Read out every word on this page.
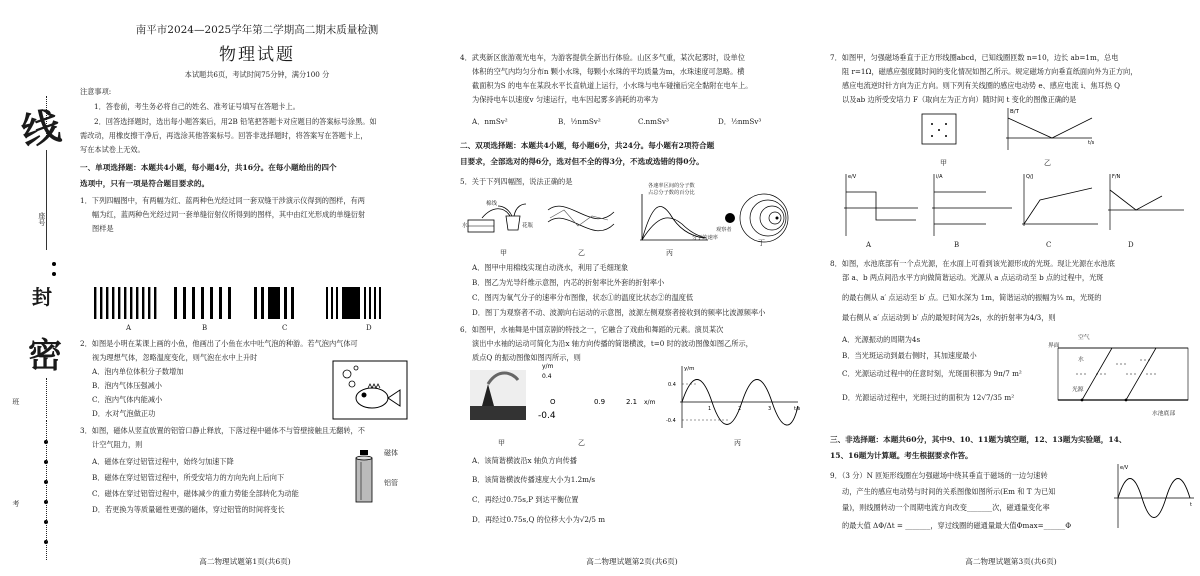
密
线
座号
封
班
考
南平市2024—2025学年第二学期高二期末质量检测
物理试题
本试题共6页，考试时间75分钟，满分100 分
注意事项:
1．答卷前，考生务必将自己的姓名、准考证号填写在答题卡上。
2．回答选择题时，选出每小题答案后，用2B 铅笔把答题卡对应题目的答案标号涂黑。如
需改动，用橡皮擦干净后，再选涂其他答案标号。回答非选择题时，将答案写在答题卡上，
写在本试卷上无效。
一、单项选择题：本题共4小题，每小题4分，共16分。在每小题给出的四个
选项中，只有一项是符合题目要求的。
1．下列四幅图中，有两幅为红、蓝两种色光经过同一套双缝干涉演示仪得到的图样，有两
幅为红，蓝两种色光经过同一套单缝衍射仪所得到的图样，其中由红光形成的单缝衍射
图样是
A	B	C	D
2．如图是小明在某课上画的小鱼，他画出了小鱼在水中吐气泡的种游。若气泡内气体可
视为理想气体，忽略温度变化，则气泡在水中上升时
A．泡内单位体积分子数增加
B．泡内气体压强减小
C．泡内气体内能减小
D．水对气泡做正功
3．如图，磁体从竖直放置的铝管口静止释放，下落过程中磁体不与管壁接触且无翻转，不
计空气阻力，则
A．磁体在穿过铝管过程中，始终匀加速下降
B．磁体在穿过铝管过程中，所受安培力的方向先向上后向下
C．磁体在穿过铝管过程中，磁体减少的重力势能全部转化为动能
D．若更换为等质量磁性更强的磁体，穿过铝管的时间将变长
磁体
铝管
高二物理试题第1页(共6页)
4．武夷新区旅游观光电车，为游客提供全新出行体验。山区多气重，某次起雾时，设单位
体积的空气内均匀分布n 颗小水珠，每颗小水珠的平均质量为m，水珠速度可忽略。横
截面积为S 的电车在某段水平长直轨道上运行，小水珠与电车碰撞后完全黏附在电车上。
为保持电车以速度v 匀速运行，电车因起雾多消耗的功率为
A．nmSv²	B．½nmSv²	C.nmSv³	D．½nmSv³
二、双项选择题：本题共4小题，每小题6分，共24分。每小题有2项符合题
目要求，全部选对的得6分，选对但不全的得3分，不选或选错的得0分。
5．关于下列四幅图，说法正确的是
棉线
水	花瓶
各速率区间的分子数
占总分子数的百分比
分子的速率
观察者
甲	乙	丙
丁
A．图甲中用棉线实现自动浇水，利用了毛细现象
B．图乙为光导纤维示意图，内芯的折射率比外套的折射率小
C．图丙为氧气分子的速率分布图像，状态①的温度比状态②的温度低
D．图丁为观察者不动、波源向右运动的示意图，波源左侧观察者接收到的频率比波源频率小
6．如图甲，水袖舞是中国京剧的特技之一，它融合了戏曲和舞蹈的元素。演员某次
演出中水袖的运动可简化为沿x 轴方向传播的简谐横波，t=0 时的波动图像如图乙所示，
质点Q 的振动图像如图丙所示，则
y/m
0.4
O	0.9	2.1 x/m
-0.4
0.4
-0.4
y/m
1	2	3	t/s
甲	乙	丙
A．该简谐横波沿x 轴负方向传播
B．该简谐横波传播速度大小为1.2m/s
C．再经过0.75s,P 到达平衡位置
D．再经过0.75s,Q 的位移大小为√2/5 m
高二物理试题第2页(共6页)
7．如图甲，匀强磁场垂直于正方形线圈abcd，已知线圈匝数 n=10，边长 ab=1m，总电
阻 r=1Ω，磁感应强度随时间的变化情况如图乙所示。规定磁场方向垂直纸面向外为正方向，
感应电流逆时针方向为正方向。则下列有关线圈的感应电动势 e、感应电流 i、焦耳热 Q
以及ab 边所受安培力 F（取向左为正方向）随时间 t 变化的图像正确的是
B/T
t/s
甲	乙
e/V	i/A	Q/J	F/N
A	B	C	D
8．如图，水池底部有一个点光源，在水面上可看到该光源形成的光斑。现让光源在水池底
部 a、b 两点间沿水平方向做简谐运动。光源从 a 点运动动至 b 点的过程中，光斑
的最右侧从 a′ 点运动至 b′ 点。已知水深为 1m，简谐运动的振幅为⅕ m，光斑的
最右侧从 a′ 点运动到 b′ 点的最短时间为2s，水的折射率为4/3，则
A．光源振动的周期为4s
B．当光斑运动到最右侧时，其加速度最小
C．光源运动过程中的任意时刻，光斑面积都为 9π/7 m²
D．光源运动过程中，光斑扫过的面积为 12√7/35 m²
界面
空气
水
光源
水池底部
三、非选择题：本题共60分，其中9、10、11题为填空题，12、13题为实验题，14、
15、16题为计算题。考生根据要求作答。
9．（3 分）N 匝矩形线圈在匀强磁场中绕其垂直于磁场的一边匀速转
动，产生的感应电动势与时间的关系图像如图所示(Em 和 T 为已知
量)，则线圈转动一个周期电流方向改变_______次，磁通量变化率
的最大值 ΔΦ/Δt = _______，穿过线圈的磁通量最大值Φmax=______Φ
e/V
t
高二物理试题第3页(共6页)
